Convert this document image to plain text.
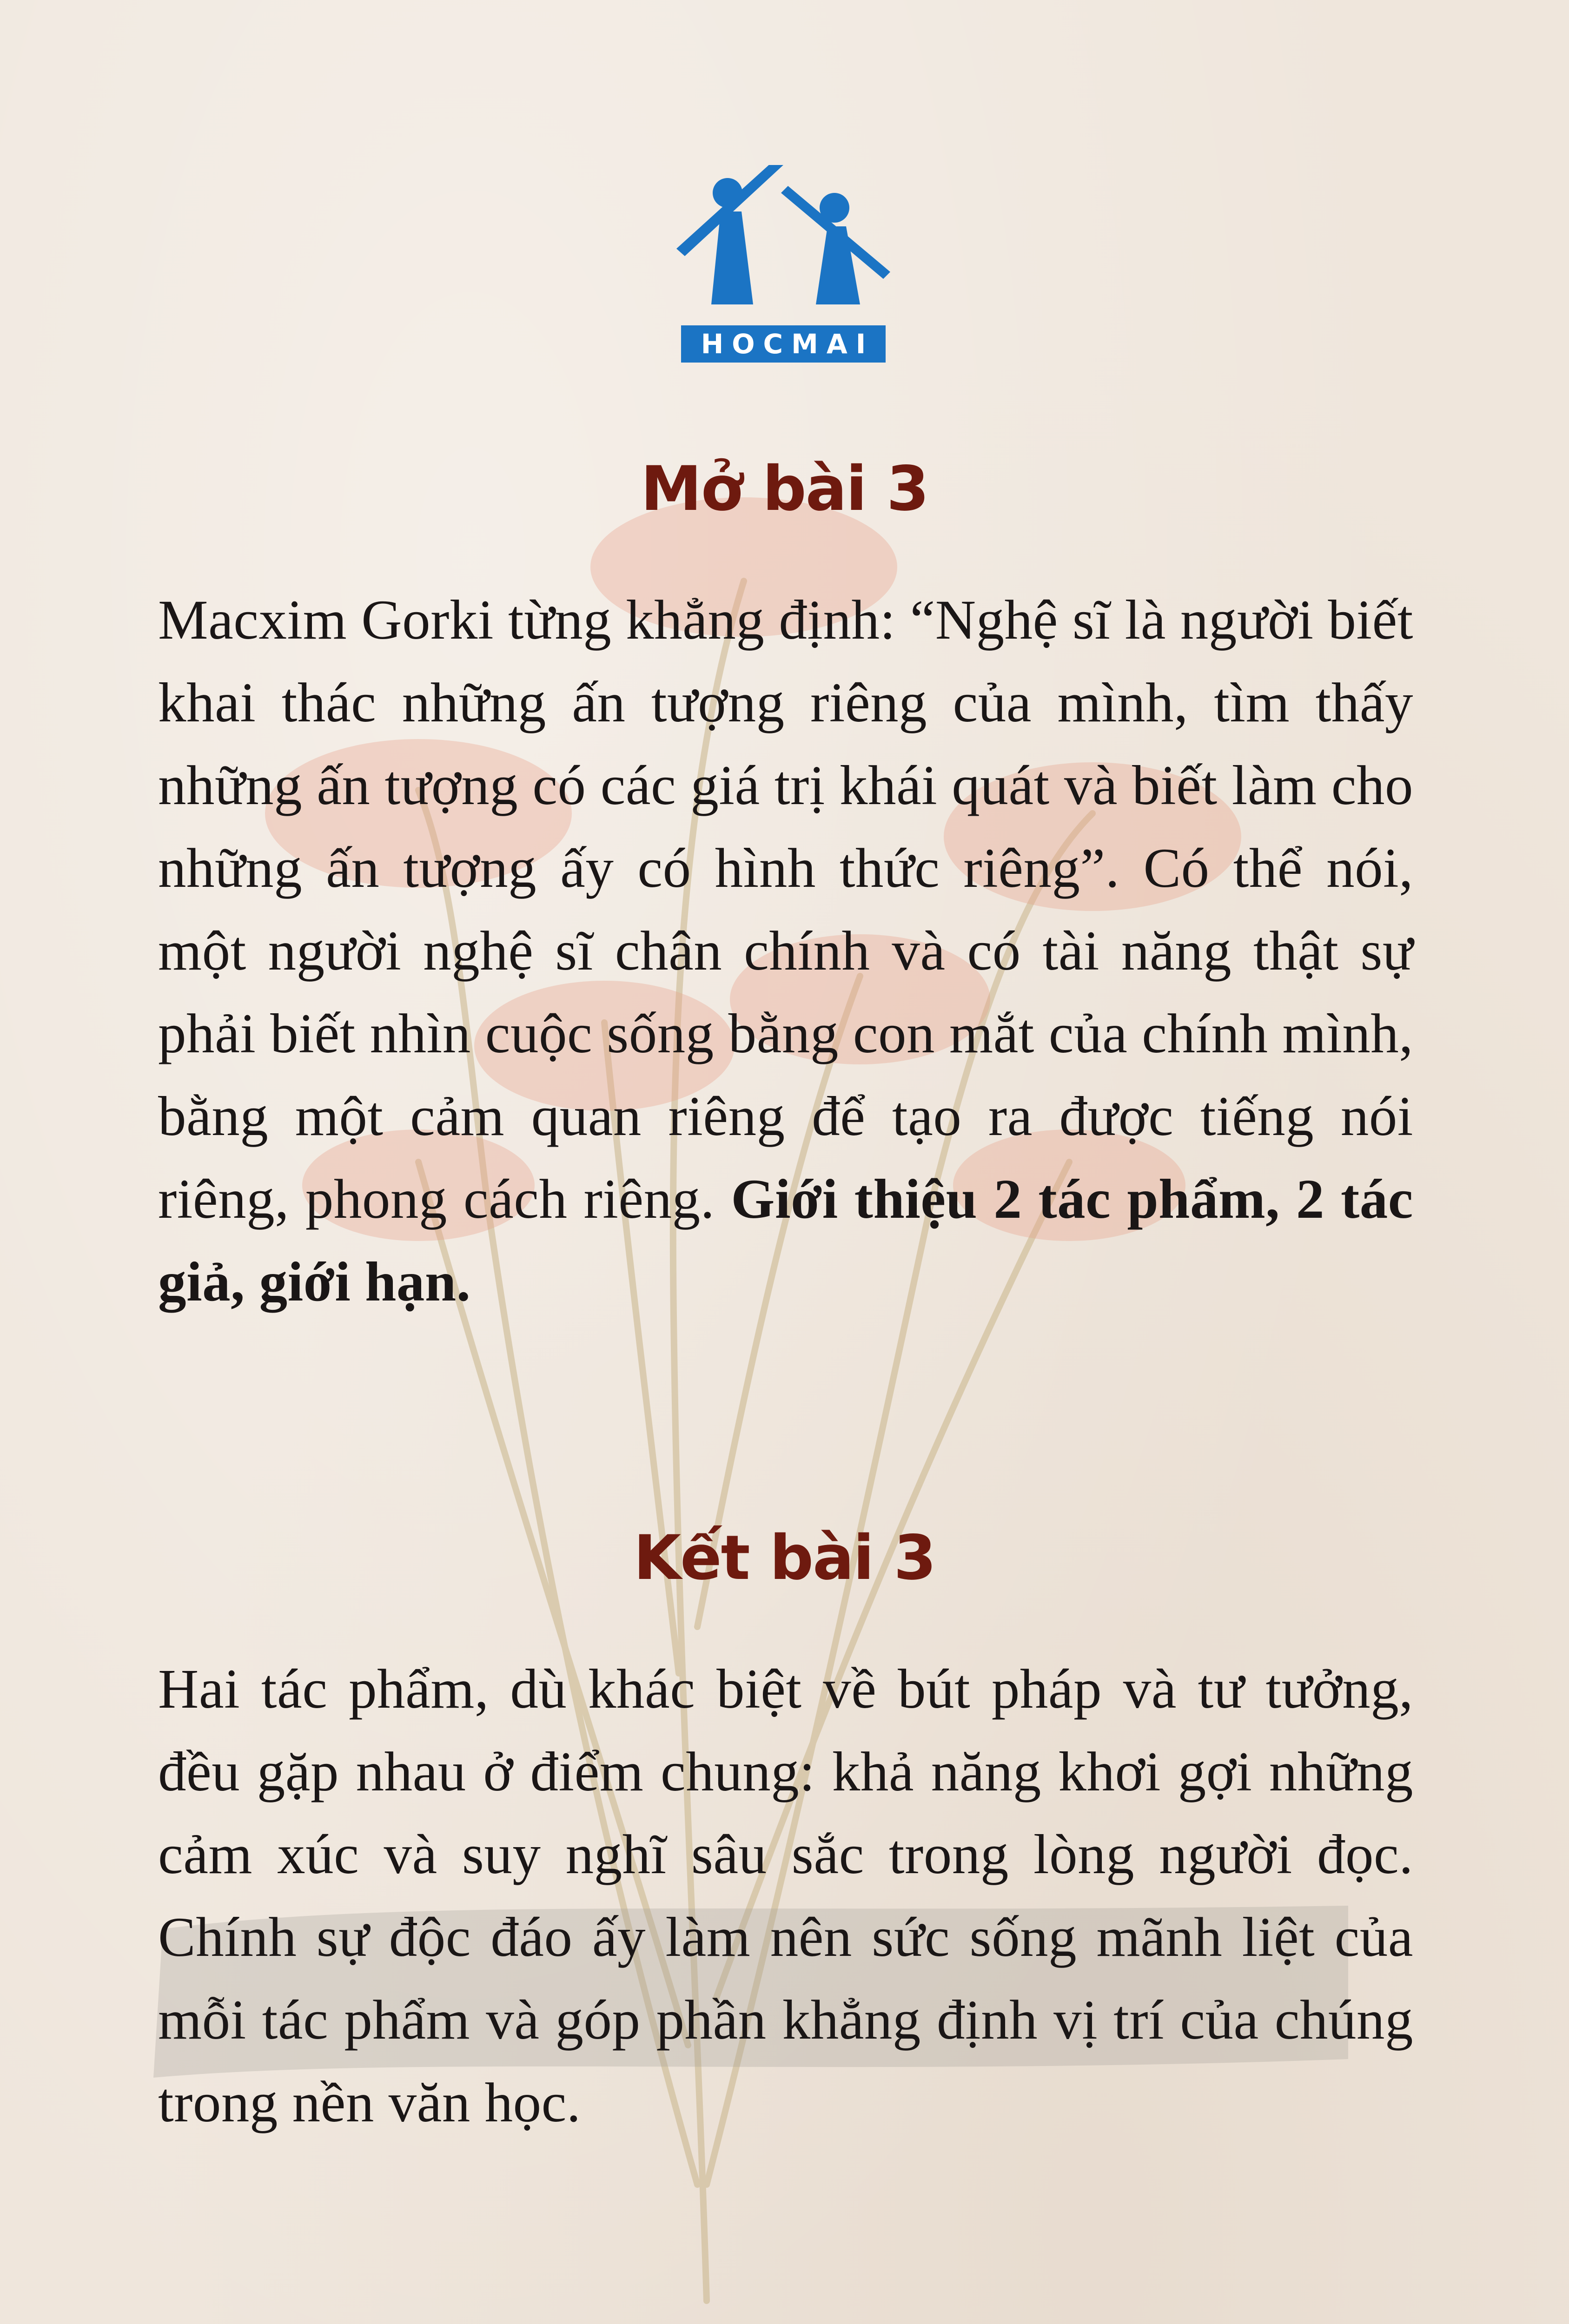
HOCMAI
Mở bài 3

Macxim Gorki từng khẳng định: “Nghệ sĩ là người biết khai thác những ấn tượng riêng của mình, tìm thấy những ấn tượng có các giá trị khái quát và biết làm cho những ấn tượng ấy có hình thức riêng”. Có thể nói, một người nghệ sĩ chân chính và có tài năng thật sự phải biết nhìn cuộc sống bằng con mắt của chính mình, bằng một cảm quan riêng để tạo ra được tiếng nói riêng, phong cách riêng. Giới thiệu 2 tác phẩm, 2 tác giả, giới hạn.

Kết bài 3

Hai tác phẩm, dù khác biệt về bút pháp và tư tưởng, đều gặp nhau ở điểm chung: khả năng khơi gợi những cảm xúc và suy nghĩ sâu sắc trong lòng người đọc. Chính sự độc đáo ấy làm nên sức sống mãnh liệt của mỗi tác phẩm và góp phần khẳng định vị trí của chúng trong nền văn học.
